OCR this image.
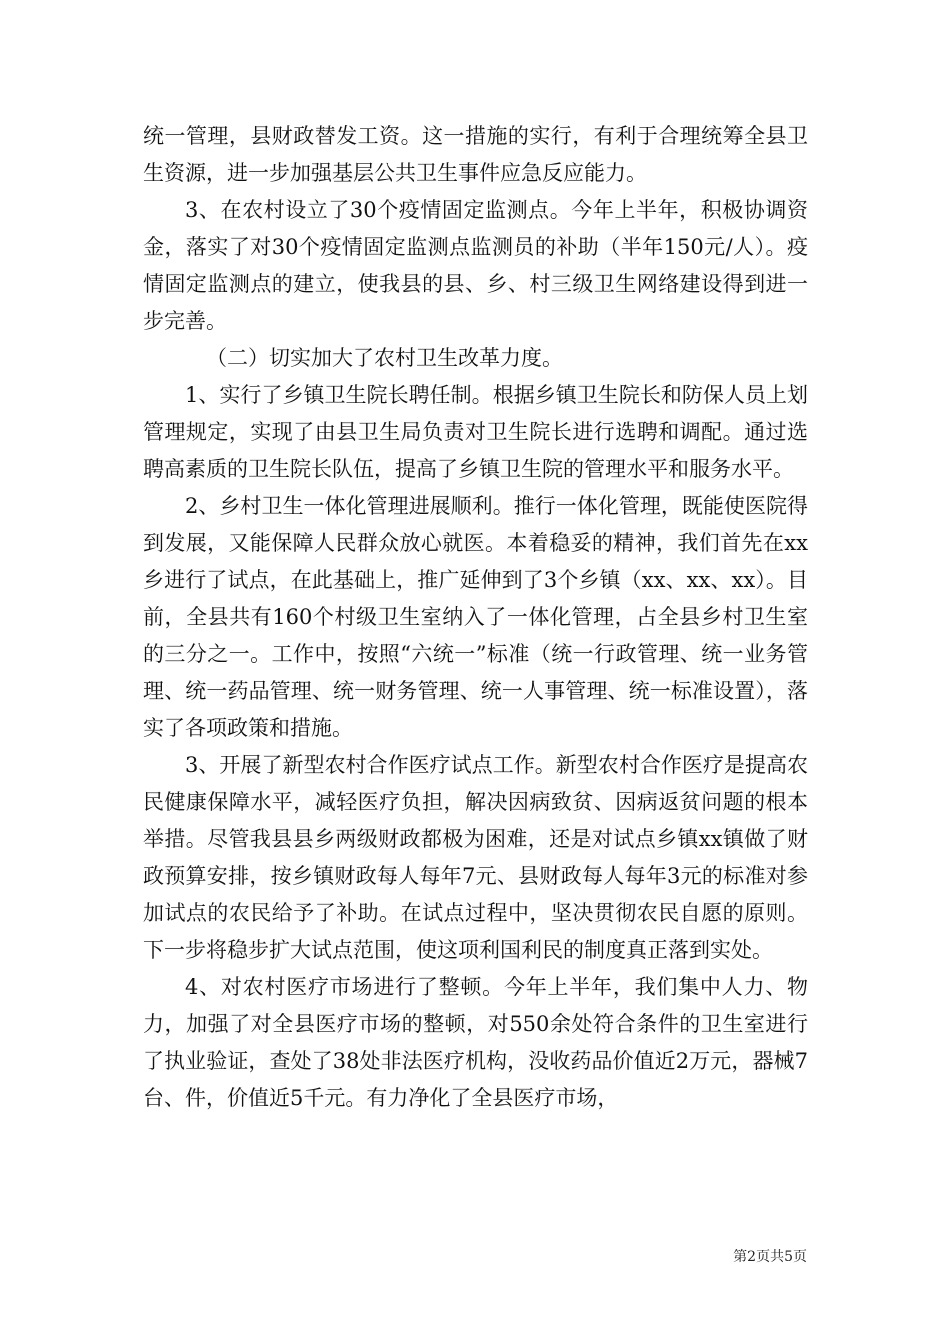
统一管理，县财政替发工资。这一措施的实行，有利于合理统筹全县卫生资源，进一步加强基层公共卫生事件应急反应能力。

3、在农村设立了30个疫情固定监测点。今年上半年，积极协调资金，落实了对30个疫情固定监测点监测员的补助（半年150元/人）。疫情固定监测点的建立，使我县的县、乡、村三级卫生网络建设得到进一步完善。

（二）切实加大了农村卫生改革力度。

1、实行了乡镇卫生院长聘任制。根据乡镇卫生院长和防保人员上划管理规定，实现了由县卫生局负责对卫生院长进行选聘和调配。通过选聘高素质的卫生院长队伍，提高了乡镇卫生院的管理水平和服务水平。

2、乡村卫生一体化管理进展顺利。推行一体化管理，既能使医院得到发展，又能保障人民群众放心就医。本着稳妥的精神，我们首先在xx乡进行了试点，在此基础上，推广延伸到了3个乡镇（xx、xx、xx）。目前，全县共有160个村级卫生室纳入了一体化管理，占全县乡村卫生室的三分之一。工作中，按照“六统一”标准（统一行政管理、统一业务管理、统一药品管理、统一财务管理、统一人事管理、统一标准设置），落实了各项政策和措施。

3、开展了新型农村合作医疗试点工作。新型农村合作医疗是提高农民健康保障水平，减轻医疗负担，解决因病致贫、因病返贫问题的根本举措。尽管我县县乡两级财政都极为困难，还是对试点乡镇xx镇做了财政预算安排，按乡镇财政每人每年7元、县财政每人每年3元的标准对参加试点的农民给予了补助。在试点过程中，坚决贯彻农民自愿的原则。下一步将稳步扩大试点范围，使这项利国利民的制度真正落到实处。

4、对农村医疗市场进行了整顿。今年上半年，我们集中人力、物力，加强了对全县医疗市场的整顿，对550余处符合条件的卫生室进行了执业验证，查处了38处非法医疗机构，没收药品价值近2万元，器械7台、件，价值近5千元。有力净化了全县医疗市场，

第2页共5页
